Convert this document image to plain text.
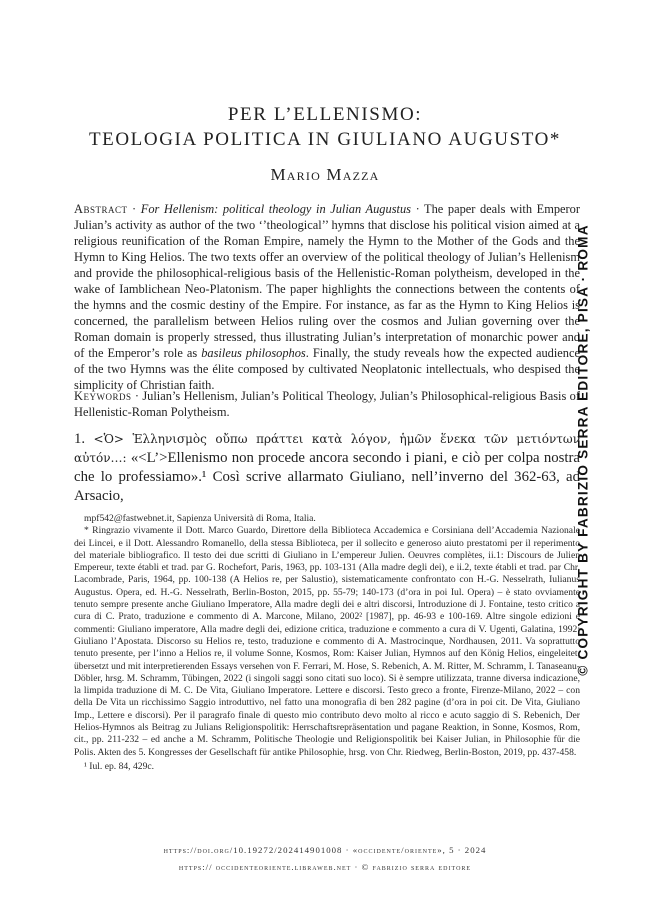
PER L’ELLENISMO:
TEOLOGIA POLITICA IN GIULIANO AUGUSTO*
Mario Mazza
Abstract · For Hellenism: political theology in Julian Augustus · The paper deals with Emperor Julian’s activity as author of the two ‘’theological’’ hymns that disclose his political vision aimed at a religious reunification of the Roman Empire, namely the Hymn to the Mother of the Gods and the Hymn to King Helios. The two texts offer an overview of the political theology of Julian’s Hellenism and provide the philosophical-religious basis of the Hellenistic-Roman polytheism, developed in the wake of Iamblichean Neo-Platonism. The paper highlights the connections between the contents of the hymns and the cosmic destiny of the Empire. For instance, as far as the Hymn to King Helios is concerned, the parallelism between Helios ruling over the cosmos and Julian governing over the Roman domain is properly stressed, thus illustrating Julian’s interpretation of monarchic power and of the Emperor’s role as basileus philosophos. Finally, the study reveals how the expected audience of the two Hymns was the élite composed by cultivated Neoplatonic intellectuals, who despised the simplicity of Christian faith.
Keywords · Julian’s Hellenism, Julian’s Political Theology, Julian’s Philosophical-religious Basis of Hellenistic-Roman Polytheism.
1. <Ὁ> Ἑλληνισμὸς οὔπω πράττει κατὰ λόγον, ἡμῶν ἕνεκα τῶν μετιόντων αὐτόν…: «<L’>Ellenismo non procede ancora secondo i piani, e ciò per colpa nostra che lo professiamo».¹ Così scrive allarmato Giuliano, nell’inverno del 362-63, ad Arsacio,

mpf542@fastwebnet.it, Sapienza Università di Roma, Italia.

* Ringrazio vivamente il Dott. Marco Guardo, Direttore della Biblioteca Accademica e Corsiniana dell’Accademia Nazionale dei Lincei, e il Dott. Alessandro Romanello, della stessa Biblioteca, per il sollecito e generoso aiuto prestatomi per il reperimento del materiale bibliografico. Il testo dei due scritti di Giuliano in L’empereur Julien. Oeuvres complètes, ii.1: Discours de Julien Empereur, texte établi et trad. par G. Rochefort, Paris, 1963, pp. 103-131 (Alla madre degli dei), e ii.2, texte établi et trad. par Chr. Lacombrade, Paris, 1964, pp. 100-138 (A Helios re, per Salustio), sistematicamente confrontato con H.-G. Nesselrath, Iulianus Augustus. Opera, ed. H.-G. Nesselrath, Berlin-Boston, 2015, pp. 55-79; 140-173 (d’ora in poi Iul. Opera) – è stato ovviamente tenuto sempre presente anche Giuliano Imperatore, Alla madre degli dei e altri discorsi, Introduzione di J. Fontaine, testo critico a cura di C. Prato, traduzione e commento di A. Marcone, Milano, 2002² [1987], pp. 46-93 e 100-169. Altre singole edizioni e commenti: Giuliano imperatore, Alla madre degli dei, edizione critica, traduzione e commento a cura di V. Ugenti, Galatina, 1992; Giuliano l’Apostata. Discorso su Helios re, testo, traduzione e commento di A. Mastrocinque, Nordhausen, 2011. Va soprattutto tenuto presente, per l’inno a Helios re, il volume Sonne, Kosmos, Rom: Kaiser Julian, Hymnos auf den König Helios, eingeleitet, übersetzt und mit interpretierenden Essays versehen von F. Ferrari, M. Hose, S. Rebenich, A. M. Ritter, M. Schramm, I. Tanaseanu-Döbler, hrsg. M. Schramm, Tübingen, 2022 (i singoli saggi sono citati suo loco). Si è sempre utilizzata, tranne diversa indicazione, la limpida traduzione di M. C. De Vita, Giuliano Imperatore. Lettere e discorsi. Testo greco a fronte, Firenze-Milano, 2022 – con della De Vita un ricchissimo Saggio introduttivo, nel fatto una monografia di ben 282 pagine (d’ora in poi cit. De Vita, Giuliano Imp., Lettere e discorsi). Per il paragrafo finale di questo mio contributo devo molto al ricco e acuto saggio di S. Rebenich, Der Helios-Hymnos als Beitrag zu Julians Religionspolitik: Herrschaftsrepräsentation und pagane Reaktion, in Sonne, Kosmos, Rom, cit., pp. 211-232 – ed anche a M. Schramm, Politische Theologie und Religionspolitik bei Kaiser Julian, in Philosophie für die Polis. Akten des 5. Kongresses der Gesellschaft für antike Philosophie, hrsg. von Chr. Riedweg, Berlin-Boston, 2019, pp. 437-458.

¹ Iul. ep. 84, 429c.

https://doi.org/10.19272/202414901008 · «occidente/oriente», 5 · 2024
https:// occidenteoriente.libraweb.net · © fabrizio serra editore
© COPYRIGHT BY FABRIZIO SERRA EDITORE, PISA · ROMA
